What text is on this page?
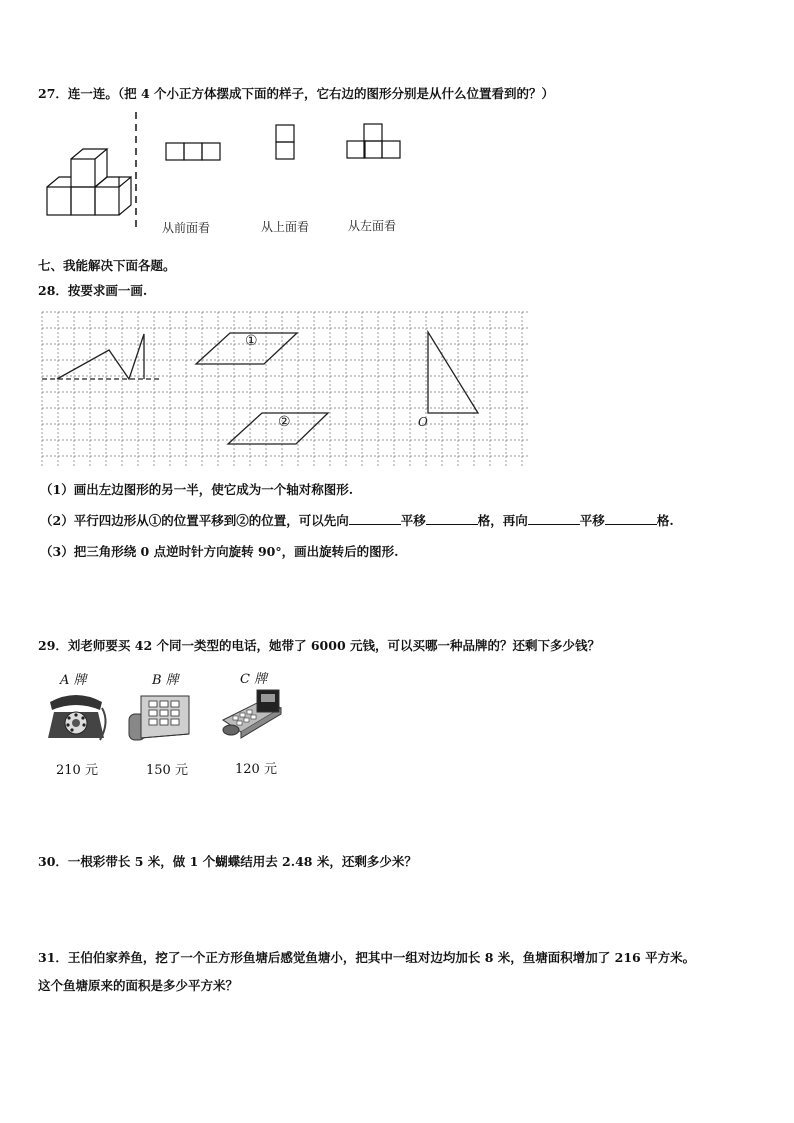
27．连一连。（把 4 个小正方体摆成下面的样子，它右边的图形分别是从什么位置看到的？）
从前面看	从上面看	从左面看
七、我能解决下面各题。
28．按要求画一画.
①
②	O
（1）画出左边图形的另一半，使它成为一个轴对称图形.
（2）平行四边形从①的位置平移到②的位置，可以先向	平移	格，再向	平移	格.
（3）把三角形绕 0 点逆时针方向旋转 90°，画出旋转后的图形.
29．刘老师要买 42 个同一类型的电话，她带了 6000 元钱，可以买哪一种品牌的？还剩下多少钱？
A 牌	B 牌	C 牌
210 元	150 元	120 元
30．一根彩带长 5 米，做 1 个蝴蝶结用去 2.48 米，还剩多少米？
31．王伯伯家养鱼，挖了一个正方形鱼塘后感觉鱼塘小，把其中一组对边均加长 8 米，鱼塘面积增加了 216 平方米。
这个鱼塘原来的面积是多少平方米？
